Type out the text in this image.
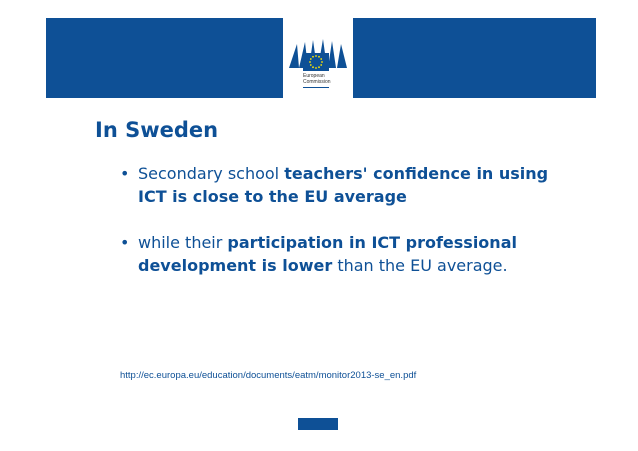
European
Commission
In Sweden
• Secondary school teachers' confidence in using ICT is close to the EU average
• while their participation in ICT professional development is lower than the EU average.
http://ec.europa.eu/education/documents/eatm/monitor2013-se_en.pdf
